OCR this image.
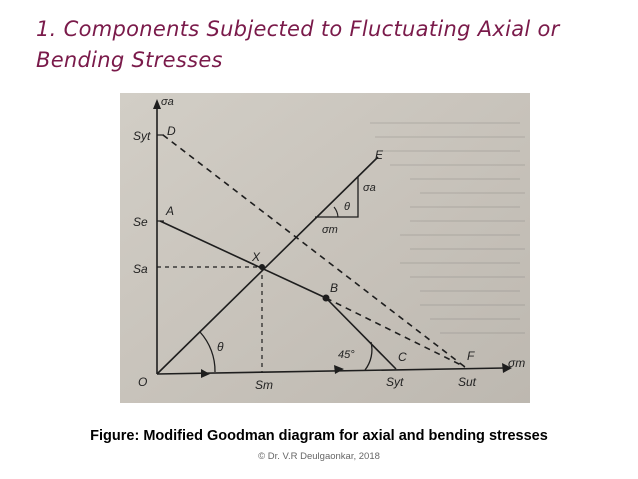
1. Components Subjected to Fluctuating Axial or
Bending Stresses
σa
σm
Syt D
Se
A
Sa
X
E
σa
θ
σm
B
θ
45°	C	F
O	Sm	Syt	Sut
Figure: Modified Goodman diagram for axial and bending stresses
© Dr. V.R Deulgaonkar, 2018
